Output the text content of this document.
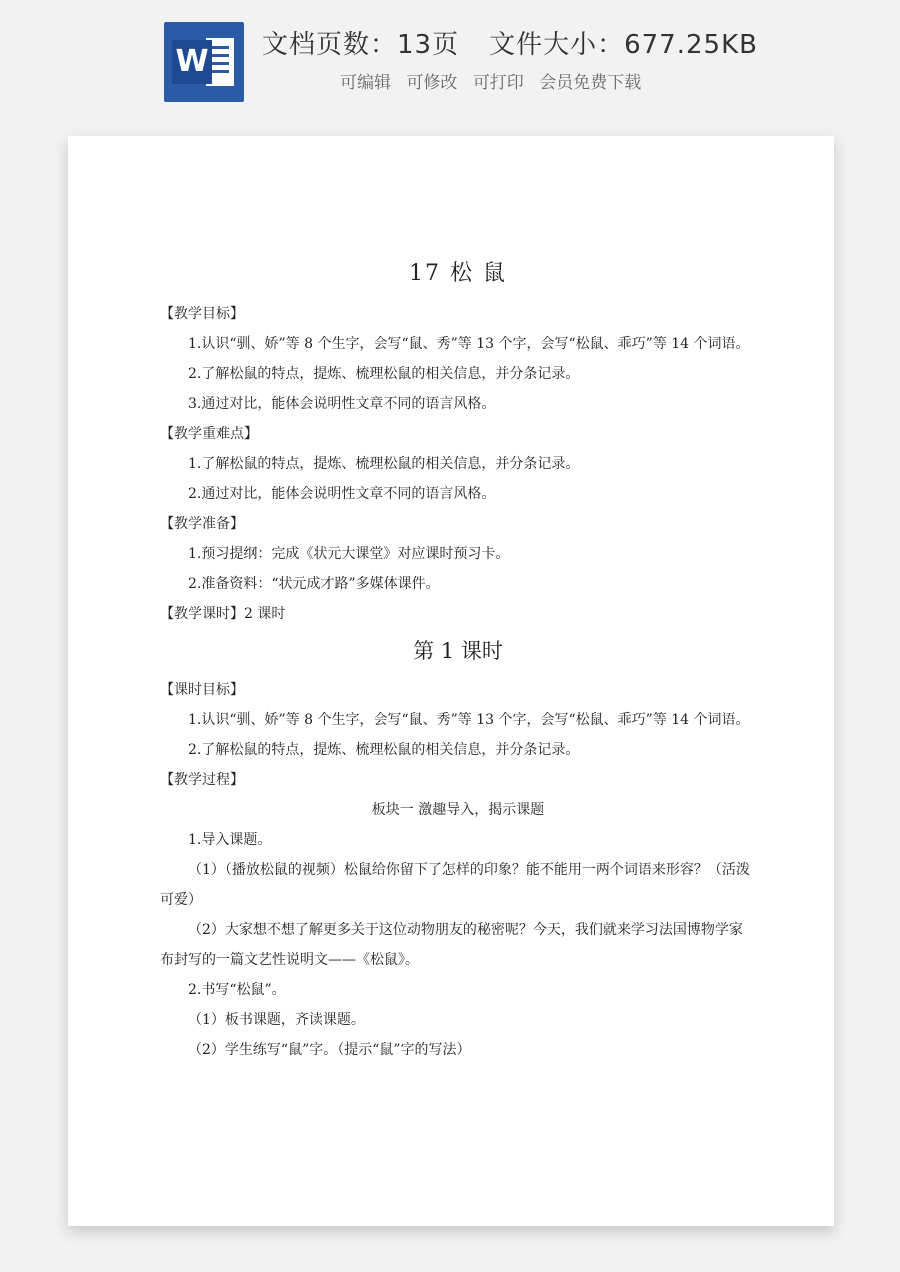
W 文档页数：13页 文件大小：677.25KB
可编辑 可修改 可打印 会员免费下载
17 松 鼠

【教学目标】

1.认识“驯、娇”等 8 个生字，会写“鼠、秀”等 13 个字，会写“松鼠、乖巧”等 14 个词语。

2.了解松鼠的特点，提炼、梳理松鼠的相关信息，并分条记录。

3.通过对比，能体会说明性文章不同的语言风格。

【教学重难点】

1.了解松鼠的特点，提炼、梳理松鼠的相关信息，并分条记录。

2.通过对比，能体会说明性文章不同的语言风格。

【教学准备】

1.预习提纲：完成《状元大课堂》对应课时预习卡。

2.准备资料：“状元成才路”多媒体课件。

【教学课时】2 课时

第 1 课时

【课时目标】

1.认识“驯、娇”等 8 个生字，会写“鼠、秀”等 13 个字，会写“松鼠、乖巧”等 14 个词语。

2.了解松鼠的特点，提炼、梳理松鼠的相关信息，并分条记录。

【教学过程】

板块一 激趣导入，揭示课题

1.导入课题。

（1）（播放松鼠的视频）松鼠给你留下了怎样的印象？能不能用一两个词语来形容？（活泼可爱）

（2）大家想不想了解更多关于这位动物朋友的秘密呢？今天，我们就来学习法国博物学家布封写的一篇文艺性说明文——《松鼠》。

2.书写“松鼠”。

（1）板书课题，齐读课题。

（2）学生练写“鼠”字。（提示“鼠”字的写法）
